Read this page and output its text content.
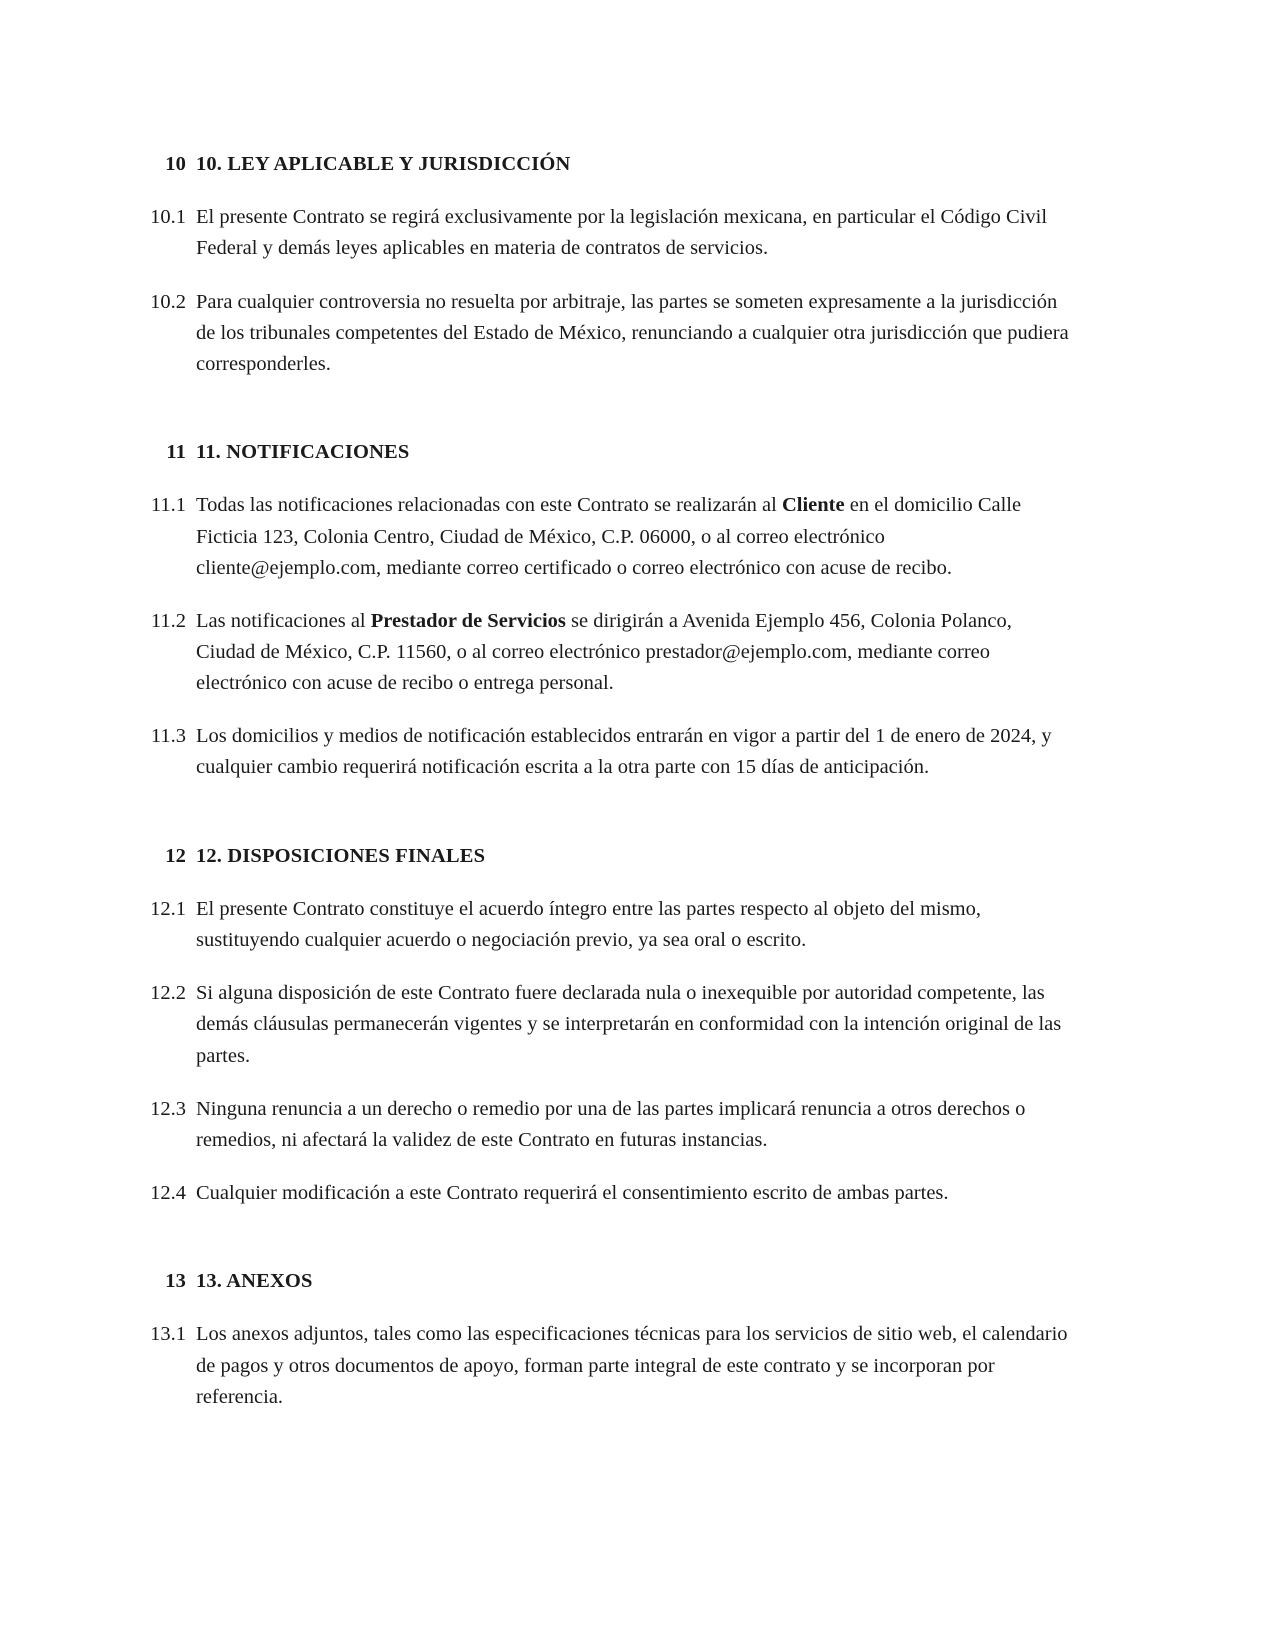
10 10. LEY APLICABLE Y JURISDICCIÓN
10.1 El presente Contrato se regirá exclusivamente por la legislación mexicana, en particular el Código Civil Federal y demás leyes aplicables en materia de contratos de servicios.
10.2 Para cualquier controversia no resuelta por arbitraje, las partes se someten expresamente a la jurisdicción de los tribunales competentes del Estado de México, renunciando a cualquier otra jurisdicción que pudiera corresponderles.
11 11. NOTIFICACIONES
11.1 Todas las notificaciones relacionadas con este Contrato se realizarán al Cliente en el domicilio Calle Ficticia 123, Colonia Centro, Ciudad de México, C.P. 06000, o al correo electrónico cliente@ejemplo.com, mediante correo certificado o correo electrónico con acuse de recibo.
11.2 Las notificaciones al Prestador de Servicios se dirigirán a Avenida Ejemplo 456, Colonia Polanco, Ciudad de México, C.P. 11560, o al correo electrónico prestador@ejemplo.com, mediante correo electrónico con acuse de recibo o entrega personal.
11.3 Los domicilios y medios de notificación establecidos entrarán en vigor a partir del 1 de enero de 2024, y cualquier cambio requerirá notificación escrita a la otra parte con 15 días de anticipación.
12 12. DISPOSICIONES FINALES
12.1 El presente Contrato constituye el acuerdo íntegro entre las partes respecto al objeto del mismo, sustituyendo cualquier acuerdo o negociación previo, ya sea oral o escrito.
12.2 Si alguna disposición de este Contrato fuere declarada nula o inexequible por autoridad competente, las demás cláusulas permanecerán vigentes y se interpretarán en conformidad con la intención original de las partes.
12.3 Ninguna renuncia a un derecho o remedio por una de las partes implicará renuncia a otros derechos o remedios, ni afectará la validez de este Contrato en futuras instancias.
12.4 Cualquier modificación a este Contrato requerirá el consentimiento escrito de ambas partes.
13 13. ANEXOS
13.1 Los anexos adjuntos, tales como las especificaciones técnicas para los servicios de sitio web, el calendario de pagos y otros documentos de apoyo, forman parte integral de este contrato y se incorporan por referencia.
